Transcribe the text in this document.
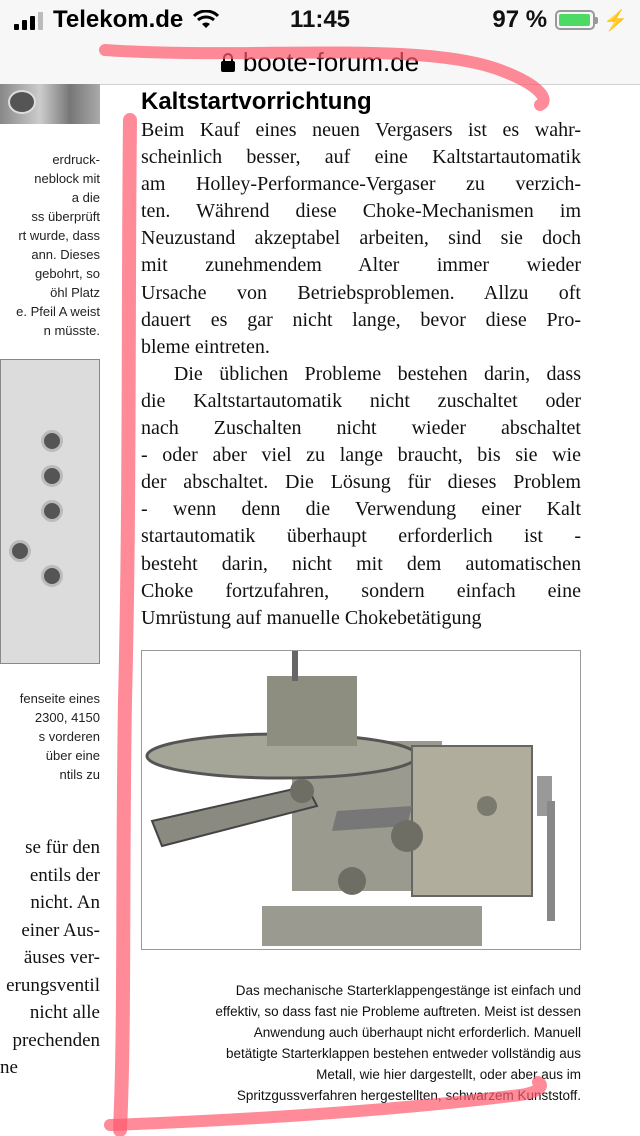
Telekom.de	11:45	97 %	⚡
boote-forum.de
erdruck-
neblock mit
a die
ss überprüft
rt wurde, dass
ann. Dieses
gebohrt, so
öhl Platz
e. Pfeil A weist
n müsste.
fenseite eines
2300, 4150
s vorderen
über eine
ntils zu
se für den
entils der
nicht. An
einer Aus-
äuses ver-
erungsventil
nicht alle
prechenden
ne
Kaltstartvorrichtung
Beim Kauf eines neuen Vergasers ist es wahr-
scheinlich besser, auf eine Kaltstartautomatik
am Holley-Performance-Vergaser zu verzich-
ten. Während diese Choke-Mechanismen im
Neuzustand akzeptabel arbeiten, sind sie doch
mit zunehmendem Alter immer wieder
Ursache von Betriebsproblemen. Allzu oft
dauert es gar nicht lange, bevor diese Pro-
bleme eintreten.
Die üblichen Probleme bestehen darin, dass
die Kaltstartautomatik nicht zuschaltet oder
nach Zuschalten nicht wieder abschaltet
- oder aber viel zu lange braucht, bis sie wie
der abschaltet. Die Lösung für dieses Problem
- wenn denn die Verwendung einer Kalt
startautomatik überhaupt erforderlich ist -
besteht darin, nicht mit dem automatischen
Choke fortzufahren, sondern einfach eine
Umrüstung auf manuelle Chokebetätigung
Das mechanische Starterklappengestänge ist einfach und
effektiv, so dass fast nie Probleme auftreten. Meist ist dessen
Anwendung auch überhaupt nicht erforderlich. Manuell
betätigte Starterklappen bestehen entweder vollständig aus
Metall, wie hier dargestellt, oder aber aus im
Spritzgussverfahren hergestellten, schwarzem Kunststoff.
